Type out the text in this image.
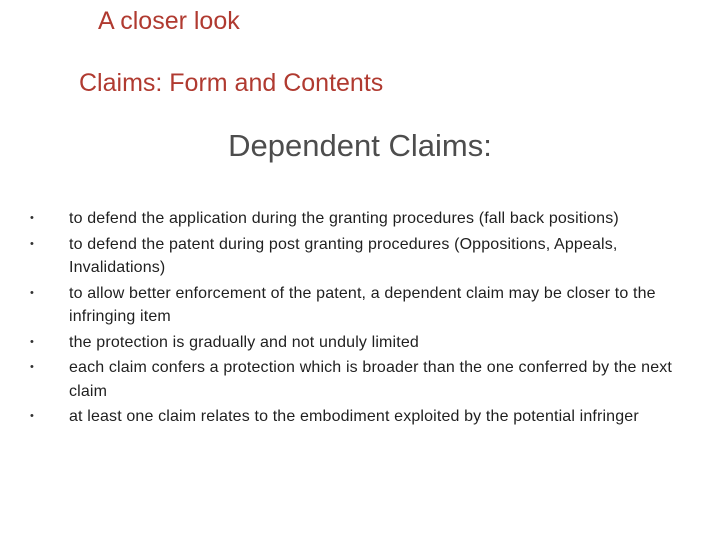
A closer look
Claims: Form and Contents
Dependent Claims:
• to defend the application during the granting procedures (fall back positions)
• to defend the patent during post granting procedures (Oppositions, Appeals, Invalidations)
• to allow better enforcement of the patent, a dependent claim may be closer to the infringing item
• the protection is gradually and not unduly limited
• each claim confers a protection which is broader than the one conferred by the next claim
• at least one claim relates to the embodiment exploited by the potential infringer
